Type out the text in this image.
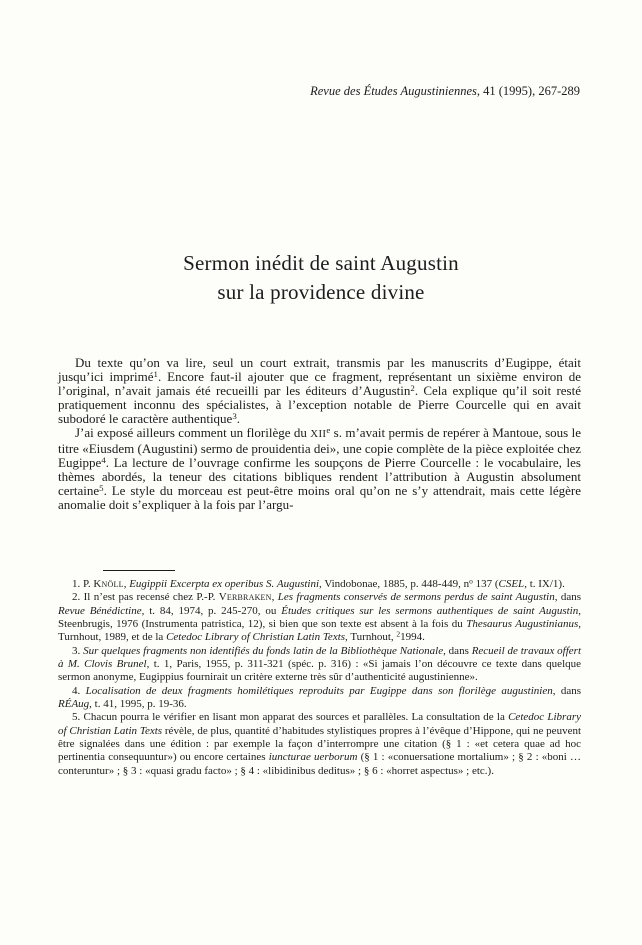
Revue des Études Augustiniennes, 41 (1995), 267-289
Sermon inédit de saint Augustin
sur la providence divine

Du texte qu’on va lire, seul un court extrait, transmis par les manuscrits d’Eugippe, était jusqu’ici imprimé$^1$. Encore faut-il ajouter que ce fragment, représentant un sixième environ de l’original, n’avait jamais été recueilli par les éditeurs d’Augustin$^2$. Cela explique qu’il soit resté pratiquement inconnu des spécialistes, à l’exception notable de Pierre Courcelle qui en avait subodoré le caractère authentique$^3$.

J’ai exposé ailleurs comment un florilège du XIIe s. m’avait permis de repérer à Mantoue, sous le titre «Eiusdem (Augustini) sermo de prouidentia dei», une copie complète de la pièce exploitée chez Eugippe$^4$. La lecture de l’ouvrage confirme les soupçons de Pierre Courcelle : le vocabulaire, les thèmes abordés, la teneur des citations bibliques rendent l’attribution à Augustin absolument certaine$^5$. Le style du morceau est peut-être moins oral qu’on ne s’y attendrait, mais cette légère anomalie doit s’expliquer à la fois par l’argu-

1. P. Knöll, Eugippii Excerpta ex operibus S. Augustini, Vindobonae, 1885, p. 448-449, $n^o$ 137 (CSEL, t. IX/1).

2. Il n’est pas recensé chez P.-P. Verbraken, Les fragments conservés de sermons perdus de saint Augustin, dans Revue Bénédictine, t. 84, 1974, p. 245-270, ou Études critiques sur les sermons authentiques de saint Augustin, Steenbrugis, 1976 (Instrumenta patristica, 12), si bien que son texte est absent à la fois du Thesaurus Augustinianus, Turnhout, 1989, et de la Cetedoc Library of Christian Latin Texts, Turnhout, $^2$1994.

3. Sur quelques fragments non identifiés du fonds latin de la Bibliothèque Nationale, dans Recueil de travaux offert à M. Clovis Brunel, t. 1, Paris, 1955, p. 311-321 (spéc. p. 316) : «Si jamais l’on découvre ce texte dans quelque sermon anonyme, Eugippius fournirait un critère externe très sûr d’authenticité augustinienne».

4. Localisation de deux fragments homilétiques reproduits par Eugippe dans son florilège augustinien, dans RÉAug, t. 41, 1995, p. 19-36.

5. Chacun pourra le vérifier en lisant mon apparat des sources et parallèles. La consultation de la Cetedoc Library of Christian Latin Texts révèle, de plus, quantité d’habitudes stylistiques propres à l’évêque d’Hippone, qui ne peuvent être signalées dans une édition : par exemple la façon d’interrompre une citation (§ 1 : «et cetera quae ad hoc pertinentia consequuntur») ou encore certaines iuncturae uerborum (§ 1 : «conuersatione mortalium» ; § 2 : «boni … conteruntur» ; § 3 : «quasi gradu facto» ; § 4 : «libidinibus deditus» ; § 6 : «horret aspectus» ; etc.).
